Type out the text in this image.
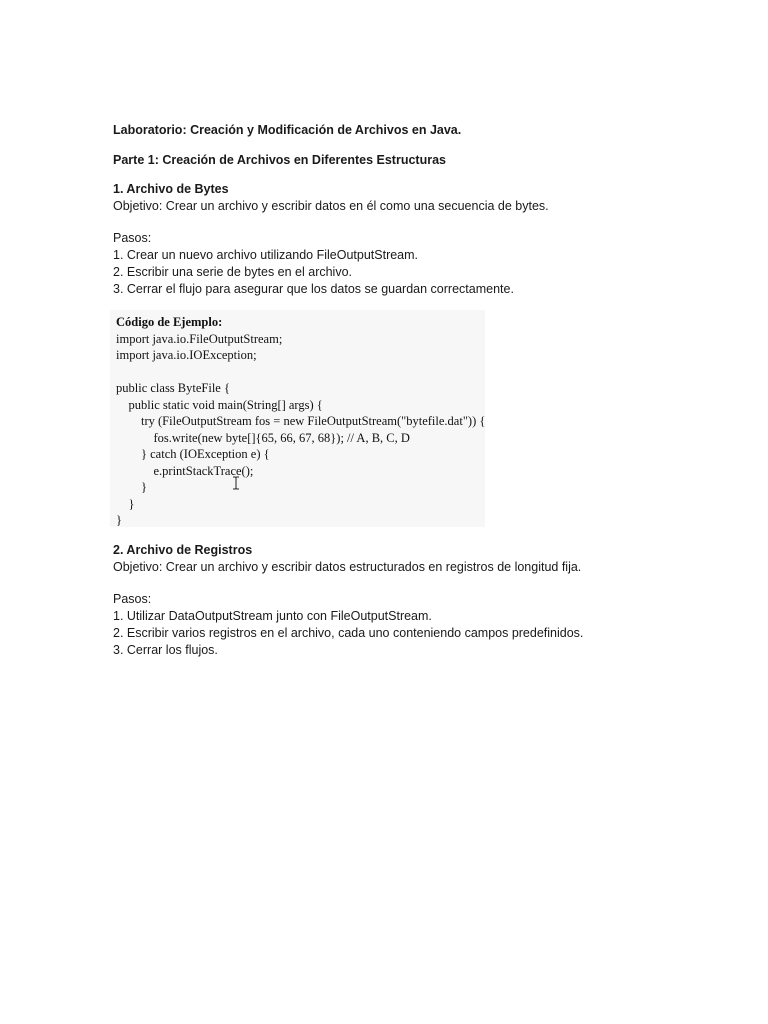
Laboratorio: Creación y Modificación de Archivos en Java.

Parte 1: Creación de Archivos en Diferentes Estructuras

1. Archivo de Bytes

Objetivo: Crear un archivo y escribir datos en él como una secuencia de bytes.

Pasos:

1. Crear un nuevo archivo utilizando FileOutputStream.
2. Escribir una serie de bytes en el archivo.
3. Cerrar el flujo para asegurar que los datos se guardan correctamente.

Código de Ejemplo:

import java.io.FileOutputStream;

import java.io.IOException;

public class ByteFile {

public static void main(String[] args) {

try (FileOutputStream fos = new FileOutputStream("bytefile.dat")) {

fos.write(new byte[]{65, 66, 67, 68}); // A, B, C, D

} catch (IOException e) {

e.printStackTrace();

}

}

}

2. Archivo de Registros

Objetivo: Crear un archivo y escribir datos estructurados en registros de longitud fija.

Pasos:

1. Utilizar DataOutputStream junto con FileOutputStream.
2. Escribir varios registros en el archivo, cada uno conteniendo campos predefinidos.
3. Cerrar los flujos.
